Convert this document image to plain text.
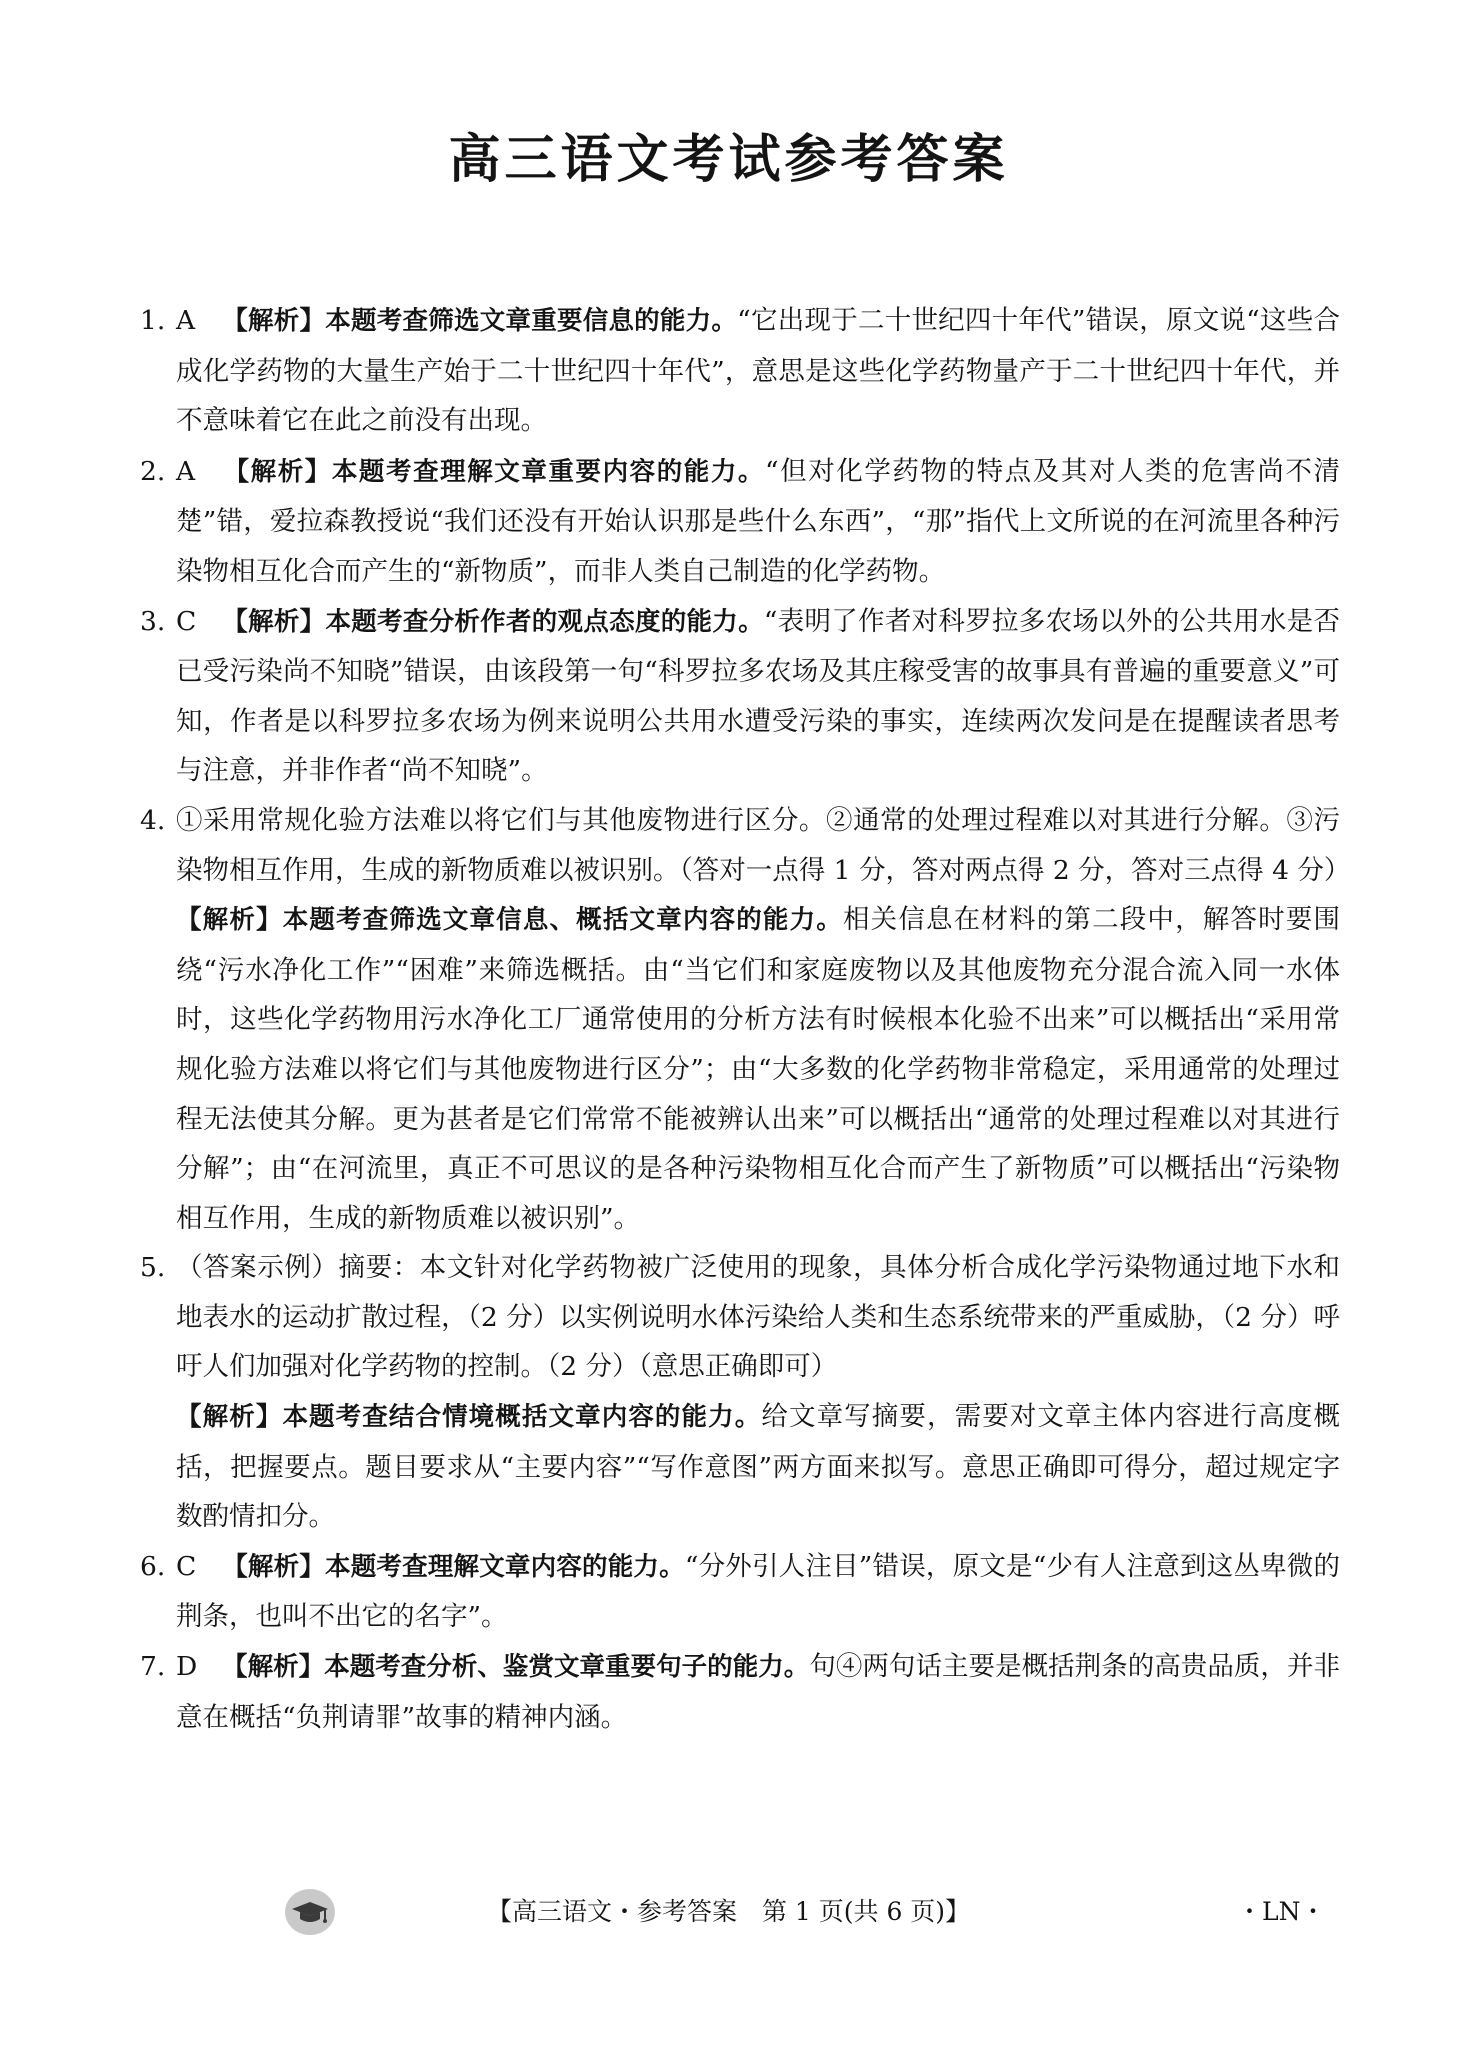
高三语文考试参考答案
1. A 【解析】本题考查筛选文章重要信息的能力。“它出现于二十世纪四十年代”错误，原文说“这些合成化学药物的大量生产始于二十世纪四十年代”，意思是这些化学药物量产于二十世纪四十年代，并不意味着它在此之前没有出现。
2. A 【解析】本题考查理解文章重要内容的能力。“但对化学药物的特点及其对人类的危害尚不清楚”错，爱拉森教授说“我们还没有开始认识那是些什么东西”，“那”指代上文所说的在河流里各种污染物相互化合而产生的“新物质”，而非人类自己制造的化学药物。
3. C 【解析】本题考查分析作者的观点态度的能力。“表明了作者对科罗拉多农场以外的公共用水是否已受污染尚不知晓”错误，由该段第一句“科罗拉多农场及其庄稼受害的故事具有普遍的重要意义”可知，作者是以科罗拉多农场为例来说明公共用水遭受污染的事实，连续两次发问是在提醒读者思考与注意，并非作者“尚不知晓”。
4. ①采用常规化验方法难以将它们与其他废物进行区分。②通常的处理过程难以对其进行分解。③污染物相互作用，生成的新物质难以被识别。（答对一点得 1 分，答对两点得 2 分，答对三点得 4 分）
【解析】本题考查筛选文章信息、概括文章内容的能力。相关信息在材料的第二段中，解答时要围绕“污水净化工作”“困难”来筛选概括。由“当它们和家庭废物以及其他废物充分混合流入同一水体时，这些化学药物用污水净化工厂通常使用的分析方法有时候根本化验不出来”可以概括出“采用常规化验方法难以将它们与其他废物进行区分”；由“大多数的化学药物非常稳定，采用通常的处理过程无法使其分解。更为甚者是它们常常不能被辨认出来”可以概括出“通常的处理过程难以对其进行分解”；由“在河流里，真正不可思议的是各种污染物相互化合而产生了新物质”可以概括出“污染物相互作用，生成的新物质难以被识别”。
5. （答案示例）摘要：本文针对化学药物被广泛使用的现象，具体分析合成化学污染物通过地下水和地表水的运动扩散过程，（2 分）以实例说明水体污染给人类和生态系统带来的严重威胁，（2 分）呼吁人们加强对化学药物的控制。（2 分）（意思正确即可）
【解析】本题考查结合情境概括文章内容的能力。给文章写摘要，需要对文章主体内容进行高度概括，把握要点。题目要求从“主要内容”“写作意图”两方面来拟写。意思正确即可得分，超过规定字数酌情扣分。
6. C 【解析】本题考查理解文章内容的能力。“分外引人注目”错误，原文是“少有人注意到这丛卑微的荆条，也叫不出它的名字”。
7. D 【解析】本题考查分析、鉴赏文章重要句子的能力。句④两句话主要是概括荆条的高贵品质，并非意在概括“负荆请罪”故事的精神内涵。
【高三语文・参考答案　第 1 页(共 6 页)】	・LN・
